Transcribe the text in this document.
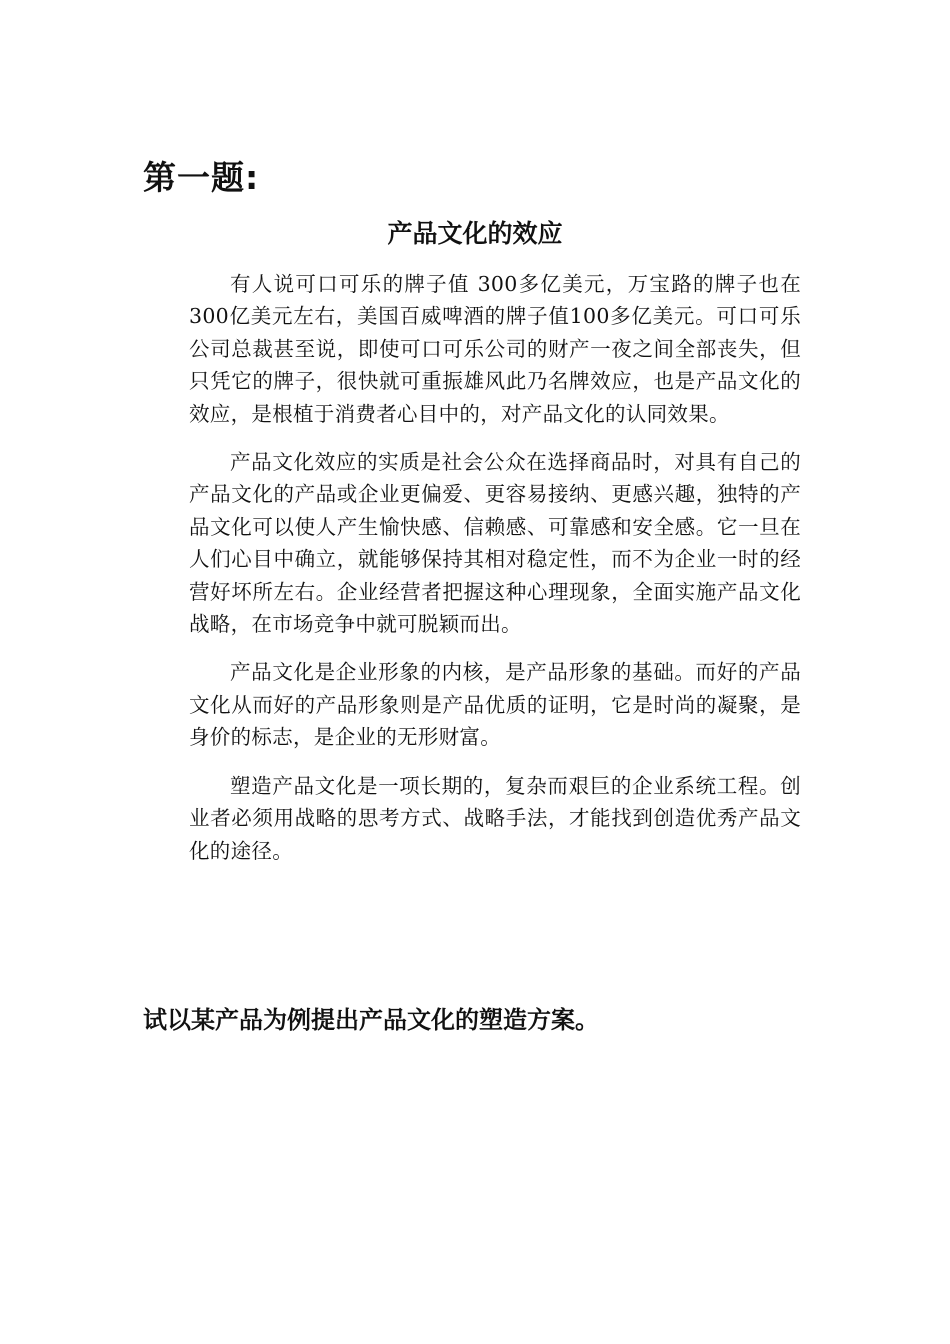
第一题:
产品文化的效应

有人说可口可乐的牌子值 300多亿美元，万宝路的牌子也在300亿美元左右，美国百威啤酒的牌子值100多亿美元。可口可乐公司总裁甚至说，即使可口可乐公司的财产一夜之间全部丧失，但只凭它的牌子，很快就可重振雄风此乃名牌效应，也是产品文化的效应，是根植于消费者心目中的，对产品文化的认同效果。

产品文化效应的实质是社会公众在选择商品时，对具有自己的产品文化的产品或企业更偏爱、更容易接纳、更感兴趣，独特的产品文化可以使人产生愉快感、信赖感、可靠感和安全感。它一旦在人们心目中确立，就能够保持其相对稳定性，而不为企业一时的经营好坏所左右。企业经营者把握这种心理现象，全面实施产品文化战略，在市场竞争中就可脱颖而出。

产品文化是企业形象的内核，是产品形象的基础。而好的产品文化从而好的产品形象则是产品优质的证明，它是时尚的凝聚，是身价的标志，是企业的无形财富。

塑造产品文化是一项长期的，复杂而艰巨的企业系统工程。创业者必须用战略的思考方式、战略手法，才能找到创造优秀产品文化的途径。

试以某产品为例提出产品文化的塑造方案。
